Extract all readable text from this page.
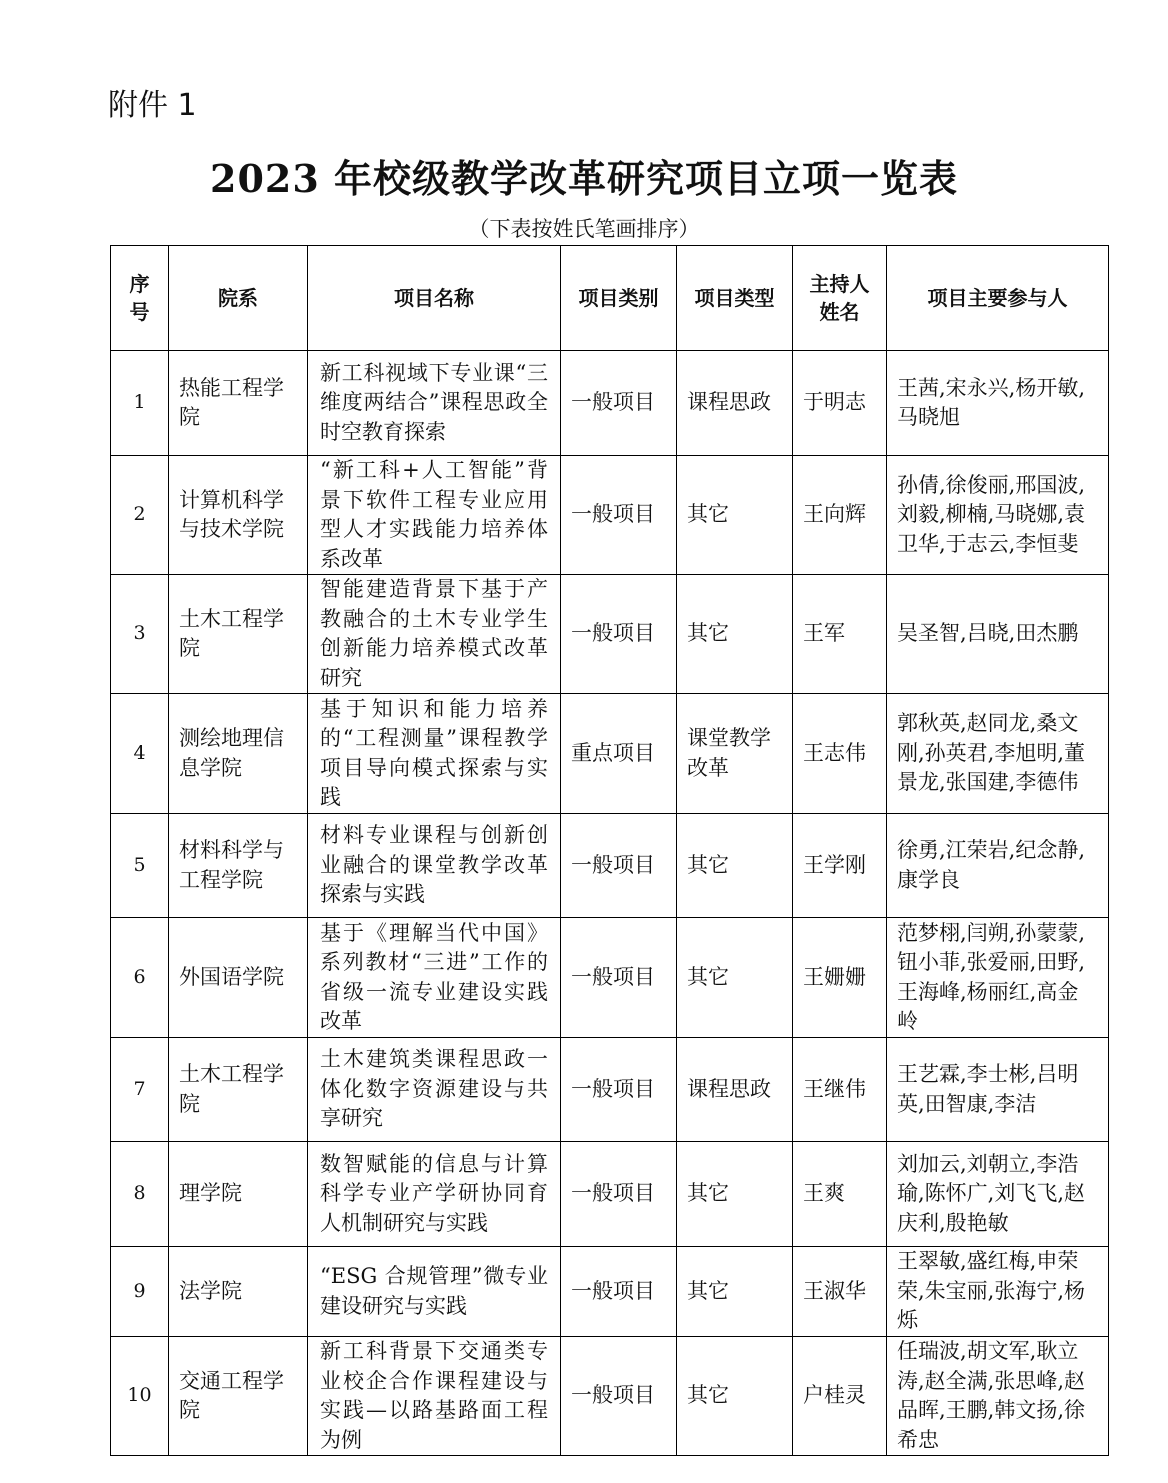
附件 1
2023 年校级教学改革研究项目立项一览表
（下表按姓氏笔画排序）
序号	院系	项目名称	项目类别	项目类型	主持人姓名	项目主要参与人
1	热能工程学院	新工科视域下专业课“三维度两结合”课程思政全时空教育探索	一般项目	课程思政	于明志	王茜,宋永兴,杨开敏,马晓旭
2	计算机科学与技术学院	“新工科+人工智能”背景下软件工程专业应用型人才实践能力培养体系改革	一般项目	其它	王向辉	孙倩,徐俊丽,邢国波,刘毅,柳楠,马晓娜,袁卫华,于志云,李恒斐
3	土木工程学院	智能建造背景下基于产教融合的土木专业学生创新能力培养模式改革研究	一般项目	其它	王军	吴圣智,吕晓,田杰鹏
4	测绘地理信息学院	基于知识和能力培养的“工程测量”课程教学项目导向模式探索与实践	重点项目	课堂教学改革	王志伟	郭秋英,赵同龙,桑文刚,孙英君,李旭明,董景龙,张国建,李德伟
5	材料科学与工程学院	材料专业课程与创新创业融合的课堂教学改革探索与实践	一般项目	其它	王学刚	徐勇,江荣岩,纪念静,康学良
6	外国语学院	基于《理解当代中国》系列教材“三进”工作的省级一流专业建设实践改革	一般项目	其它	王姗姗	范梦栩,闫朔,孙蒙蒙,钮小菲,张爱丽,田野,王海峰,杨丽红,高金岭
7	土木工程学院	土木建筑类课程思政一体化数字资源建设与共享研究	一般项目	课程思政	王继伟	王艺霖,李士彬,吕明英,田智康,李洁
8	理学院	数智赋能的信息与计算科学专业产学研协同育人机制研究与实践	一般项目	其它	王爽	刘加云,刘朝立,李浩瑜,陈怀广,刘飞飞,赵庆利,殷艳敏
9	法学院	“ESG 合规管理”微专业建设研究与实践	一般项目	其它	王淑华	王翠敏,盛红梅,申荣荣,朱宝丽,张海宁,杨烁
10	交通工程学院	新工科背景下交通类专业校企合作课程建设与实践—以路基路面工程为例	一般项目	其它	户桂灵	任瑞波,胡文军,耿立涛,赵全满,张思峰,赵品晖,王鹏,韩文扬,徐希忠
